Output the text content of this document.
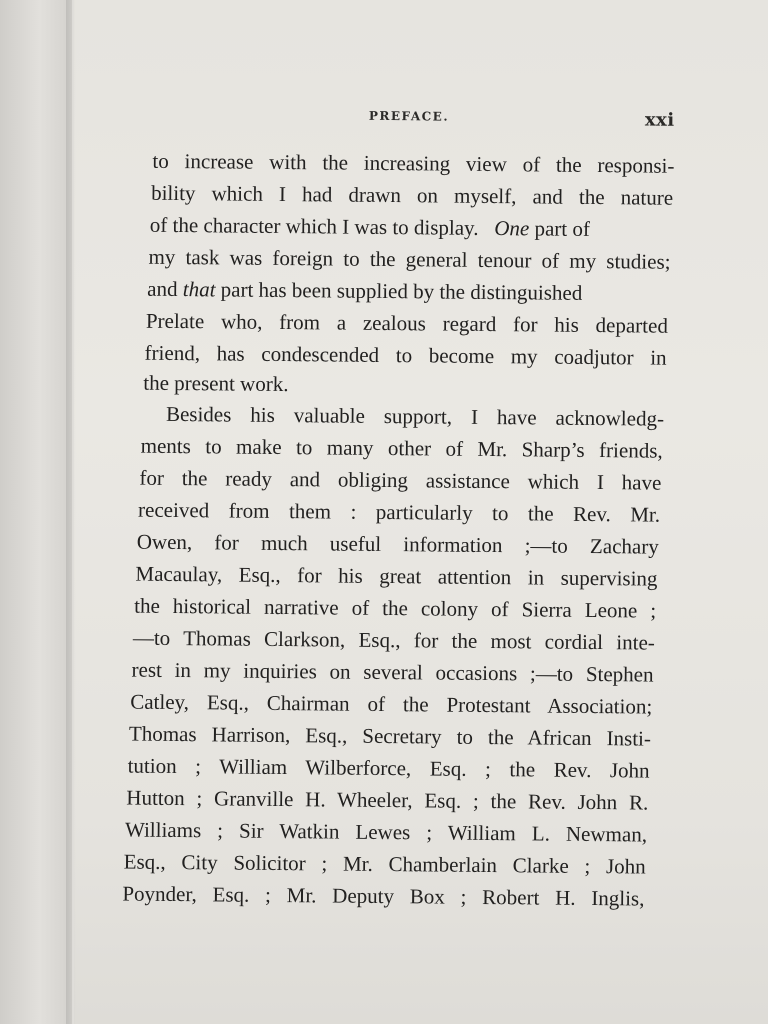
PREFACE.	xxi
to increase with the increasing view of the responsi-
bility which I had drawn on myself, and the nature
of the character which I was to display. One part of
my task was foreign to the general tenour of my studies;
and that part has been supplied by the distinguished
Prelate who, from a zealous regard for his departed
friend, has condescended to become my coadjutor in
the present work.
Besides his valuable support, I have acknowledg-
ments to make to many other of Mr. Sharp’s friends,
for the ready and obliging assistance which I have
received from them : particularly to the Rev. Mr.
Owen, for much useful information ;—to Zachary
Macaulay, Esq., for his great attention in supervising
the historical narrative of the colony of Sierra Leone ;
—to Thomas Clarkson, Esq., for the most cordial inte-
rest in my inquiries on several occasions ;—to Stephen
Catley, Esq., Chairman of the Protestant Association;
Thomas Harrison, Esq., Secretary to the African Insti-
tution ; William Wilberforce, Esq. ; the Rev. John
Hutton ; Granville H. Wheeler, Esq. ; the Rev. John R.
Williams ; Sir Watkin Lewes ; William L. Newman,
Esq., City Solicitor ; Mr. Chamberlain Clarke ; John
Poynder, Esq. ; Mr. Deputy Box ; Robert H. Inglis,
